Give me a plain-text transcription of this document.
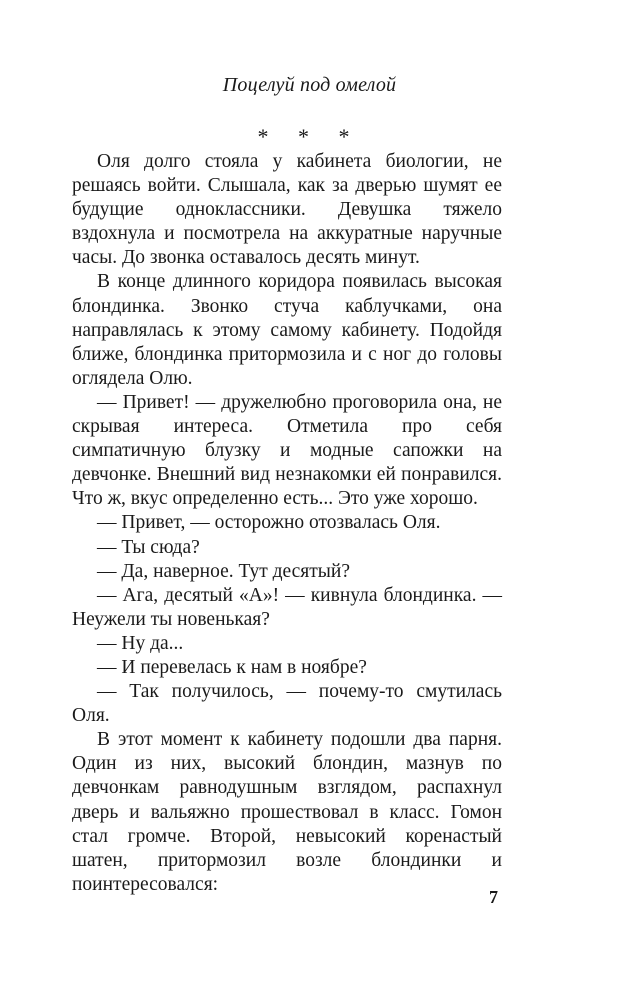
Поцелуй под омелой
* * *

Оля долго стояла у кабинета биологии, не решаясь войти. Слышала, как за дверью шумят ее будущие одноклассники. Девушка тяжело вздохнула и посмотрела на аккуратные наручные часы. До звонка оставалось десять минут.

В конце длинного коридора появилась высокая блондинка. Звонко стуча каблучками, она направлялась к этому самому кабинету. Подойдя ближе, блондинка притормозила и с ног до головы оглядела Олю.

— Привет! — дружелюбно проговорила она, не скрывая интереса. Отметила про себя симпатичную блузку и модные сапожки на девчонке. Внешний вид незнакомки ей понравился. Что ж, вкус определенно есть... Это уже хорошо.

— Привет, — осторожно отозвалась Оля.

— Ты сюда?

— Да, наверное. Тут десятый?

— Ага, десятый «А»! — кивнула блондинка. — Неужели ты новенькая?

— Ну да...

— И перевелась к нам в ноябре?

— Так получилось, — почему-то смутилась Оля.

В этот момент к кабинету подошли два парня. Один из них, высокий блондин, мазнув по девчонкам равнодушным взглядом, распахнул дверь и вальяжно прошествовал в класс. Гомон стал громче. Второй, невысокий коренастый шатен, притормозил возле блондинки и поинтересовался:

7
